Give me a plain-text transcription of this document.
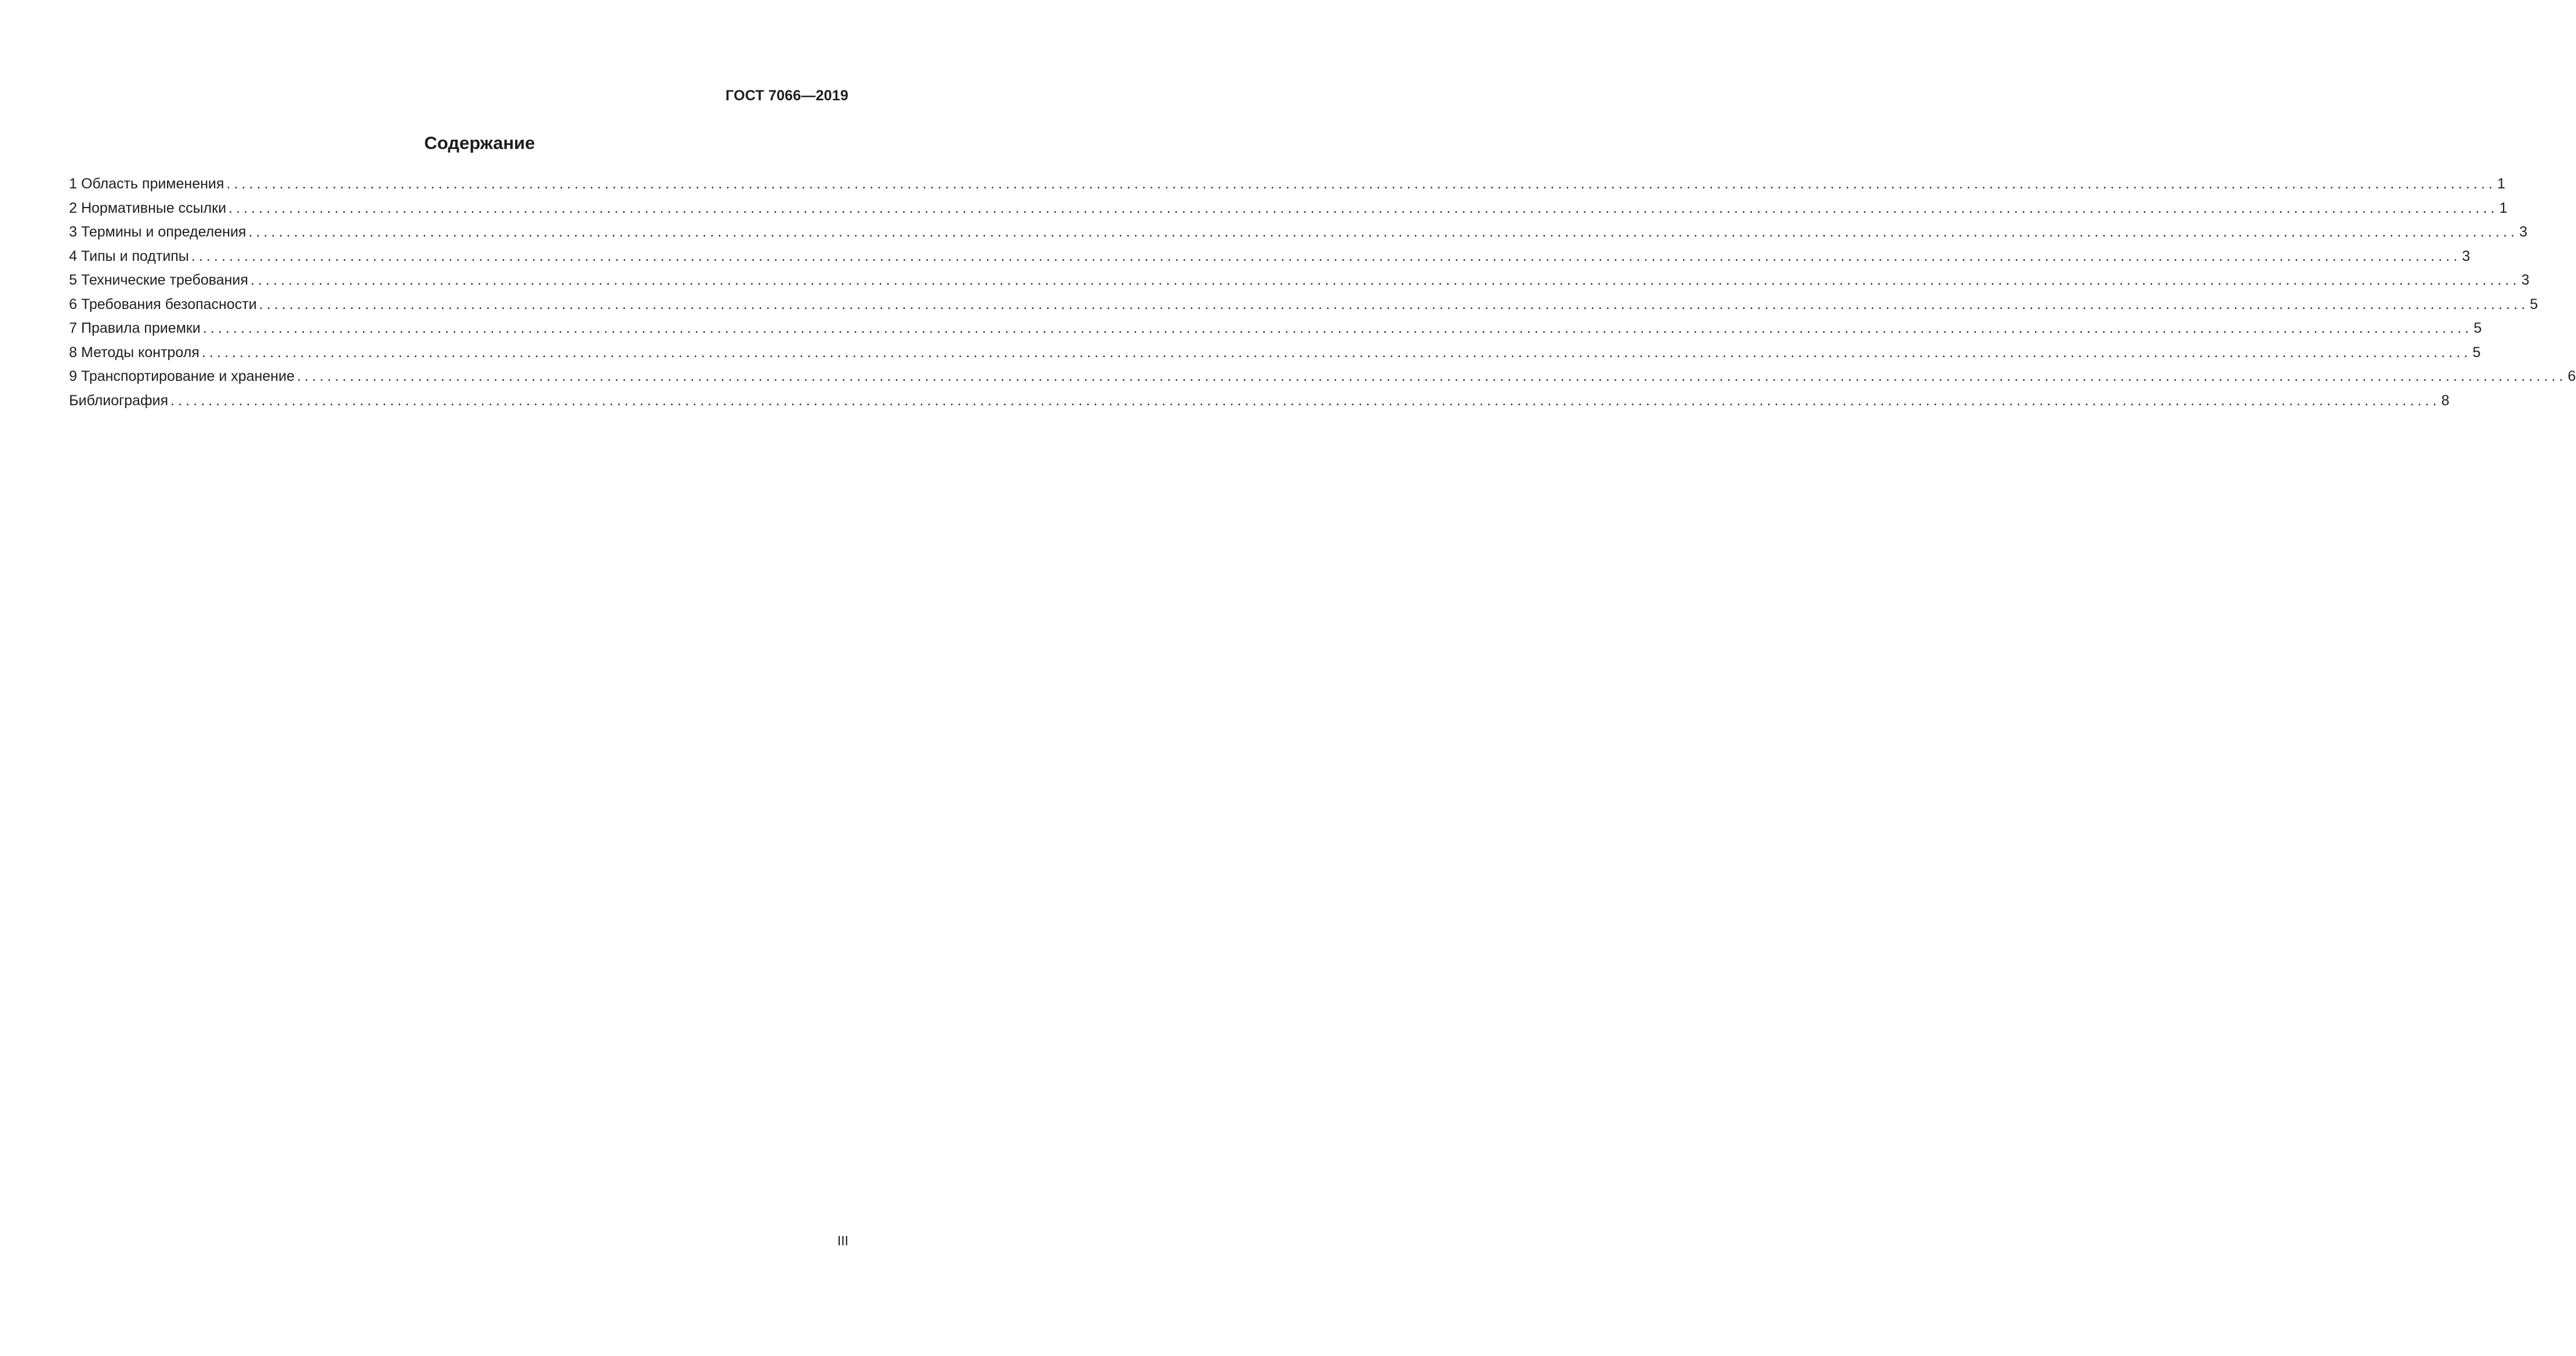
ГОСТ 7066—2019
Содержание
1 Область применения ............................................................................................................................................................................................................................................................................................................ 1
2 Нормативные ссылки ............................................................................................................................................................................................................................................................................................................ 1
3 Термины и определения ............................................................................................................................................................................................................................................................................................................ 3
4 Типы и подтипы ............................................................................................................................................................................................................................................................................................................ 3
5 Технические требования ............................................................................................................................................................................................................................................................................................................ 3
6 Требования безопасности ............................................................................................................................................................................................................................................................................................................ 5
7 Правила приемки ............................................................................................................................................................................................................................................................................................................ 5
8 Методы контроля ............................................................................................................................................................................................................................................................................................................ 5
9 Транспортирование и хранение ............................................................................................................................................................................................................................................................................................................ 6
Библиография ............................................................................................................................................................................................................................................................................................................ 8
III
